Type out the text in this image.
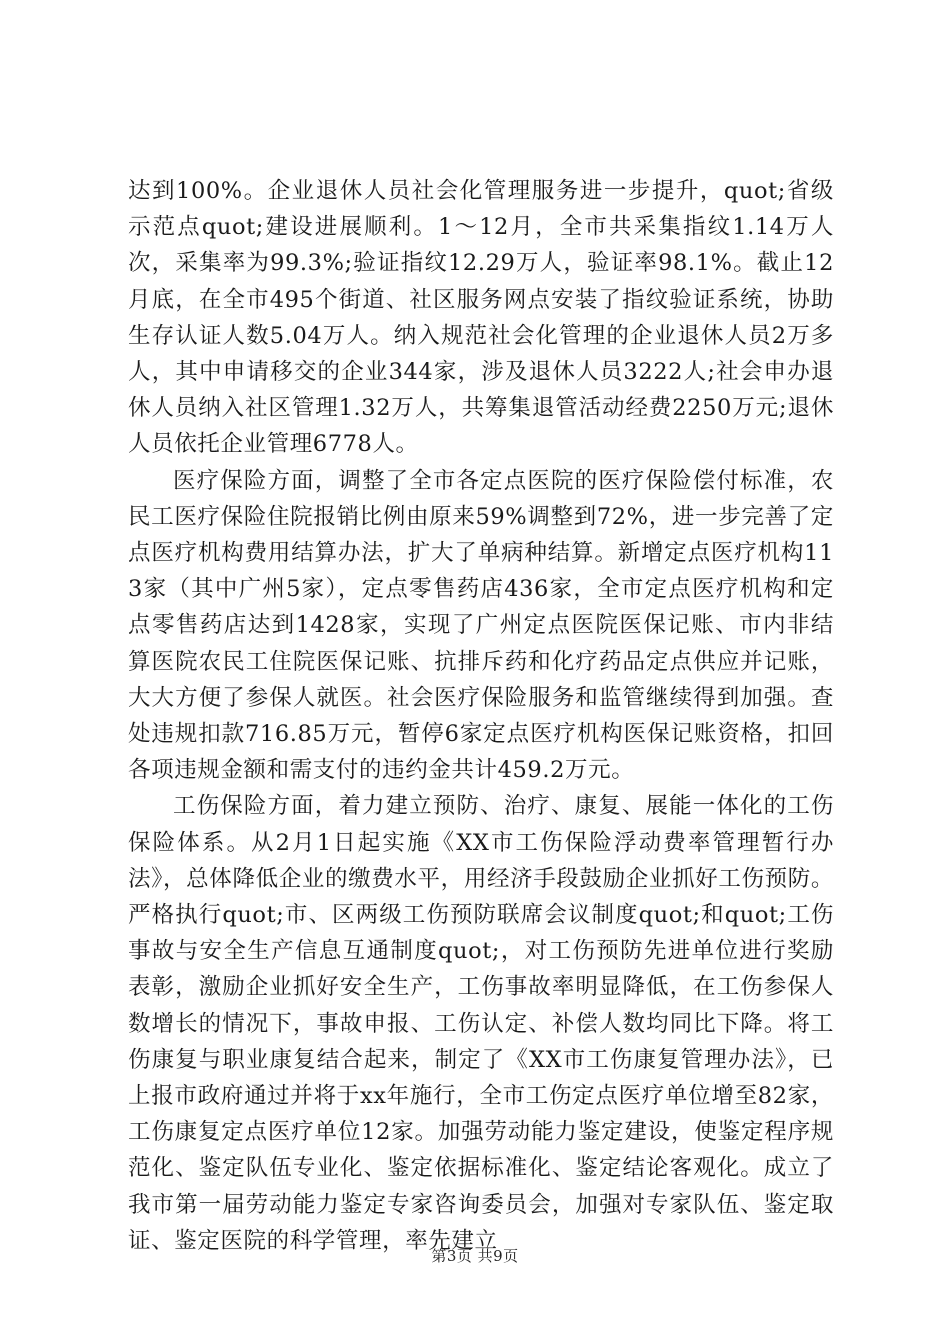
达到100%。企业退休人员社会化管理服务进一步提升，quot;省级示范点quot;建设进展顺利。1～12月，全市共采集指纹1.14万人次，采集率为99.3%;验证指纹12.29万人，验证率98.1%。截止12月底，在全市495个街道、社区服务网点安装了指纹验证系统，协助生存认证人数5.04万人。纳入规范社会化管理的企业退休人员2万多人，其中申请移交的企业344家，涉及退休人员3222人;社会申办退休人员纳入社区管理1.32万人，共筹集退管活动经费2250万元;退休人员依托企业管理6778人。

医疗保险方面，调整了全市各定点医院的医疗保险偿付标准，农民工医疗保险住院报销比例由原来59%调整到72%，进一步完善了定点医疗机构费用结算办法，扩大了单病种结算。新增定点医疗机构113家（其中广州5家），定点零售药店436家，全市定点医疗机构和定点零售药店达到1428家，实现了广州定点医院医保记账、市内非结算医院农民工住院医保记账、抗排斥药和化疗药品定点供应并记账，大大方便了参保人就医。社会医疗保险服务和监管继续得到加强。查处违规扣款716.85万元，暂停6家定点医疗机构医保记账资格，扣回各项违规金额和需支付的违约金共计459.2万元。

工伤保险方面，着力建立预防、治疗、康复、展能一体化的工伤保险体系。从2月1日起实施《XX市工伤保险浮动费率管理暂行办法》，总体降低企业的缴费水平，用经济手段鼓励企业抓好工伤预防。严格执行quot;市、区两级工伤预防联席会议制度quot;和quot;工伤事故与安全生产信息互通制度quot;，对工伤预防先进单位进行奖励表彰，激励企业抓好安全生产，工伤事故率明显降低，在工伤参保人数增长的情况下，事故申报、工伤认定、补偿人数均同比下降。将工伤康复与职业康复结合起来，制定了《XX市工伤康复管理办法》，已上报市政府通过并将于xx年施行，全市工伤定点医疗单位增至82家，工伤康复定点医疗单位12家。加强劳动能力鉴定建设，使鉴定程序规范化、鉴定队伍专业化、鉴定依据标准化、鉴定结论客观化。成立了我市第一届劳动能力鉴定专家咨询委员会，加强对专家队伍、鉴定取证、鉴定医院的科学管理，率先建立

第3页 共9页
